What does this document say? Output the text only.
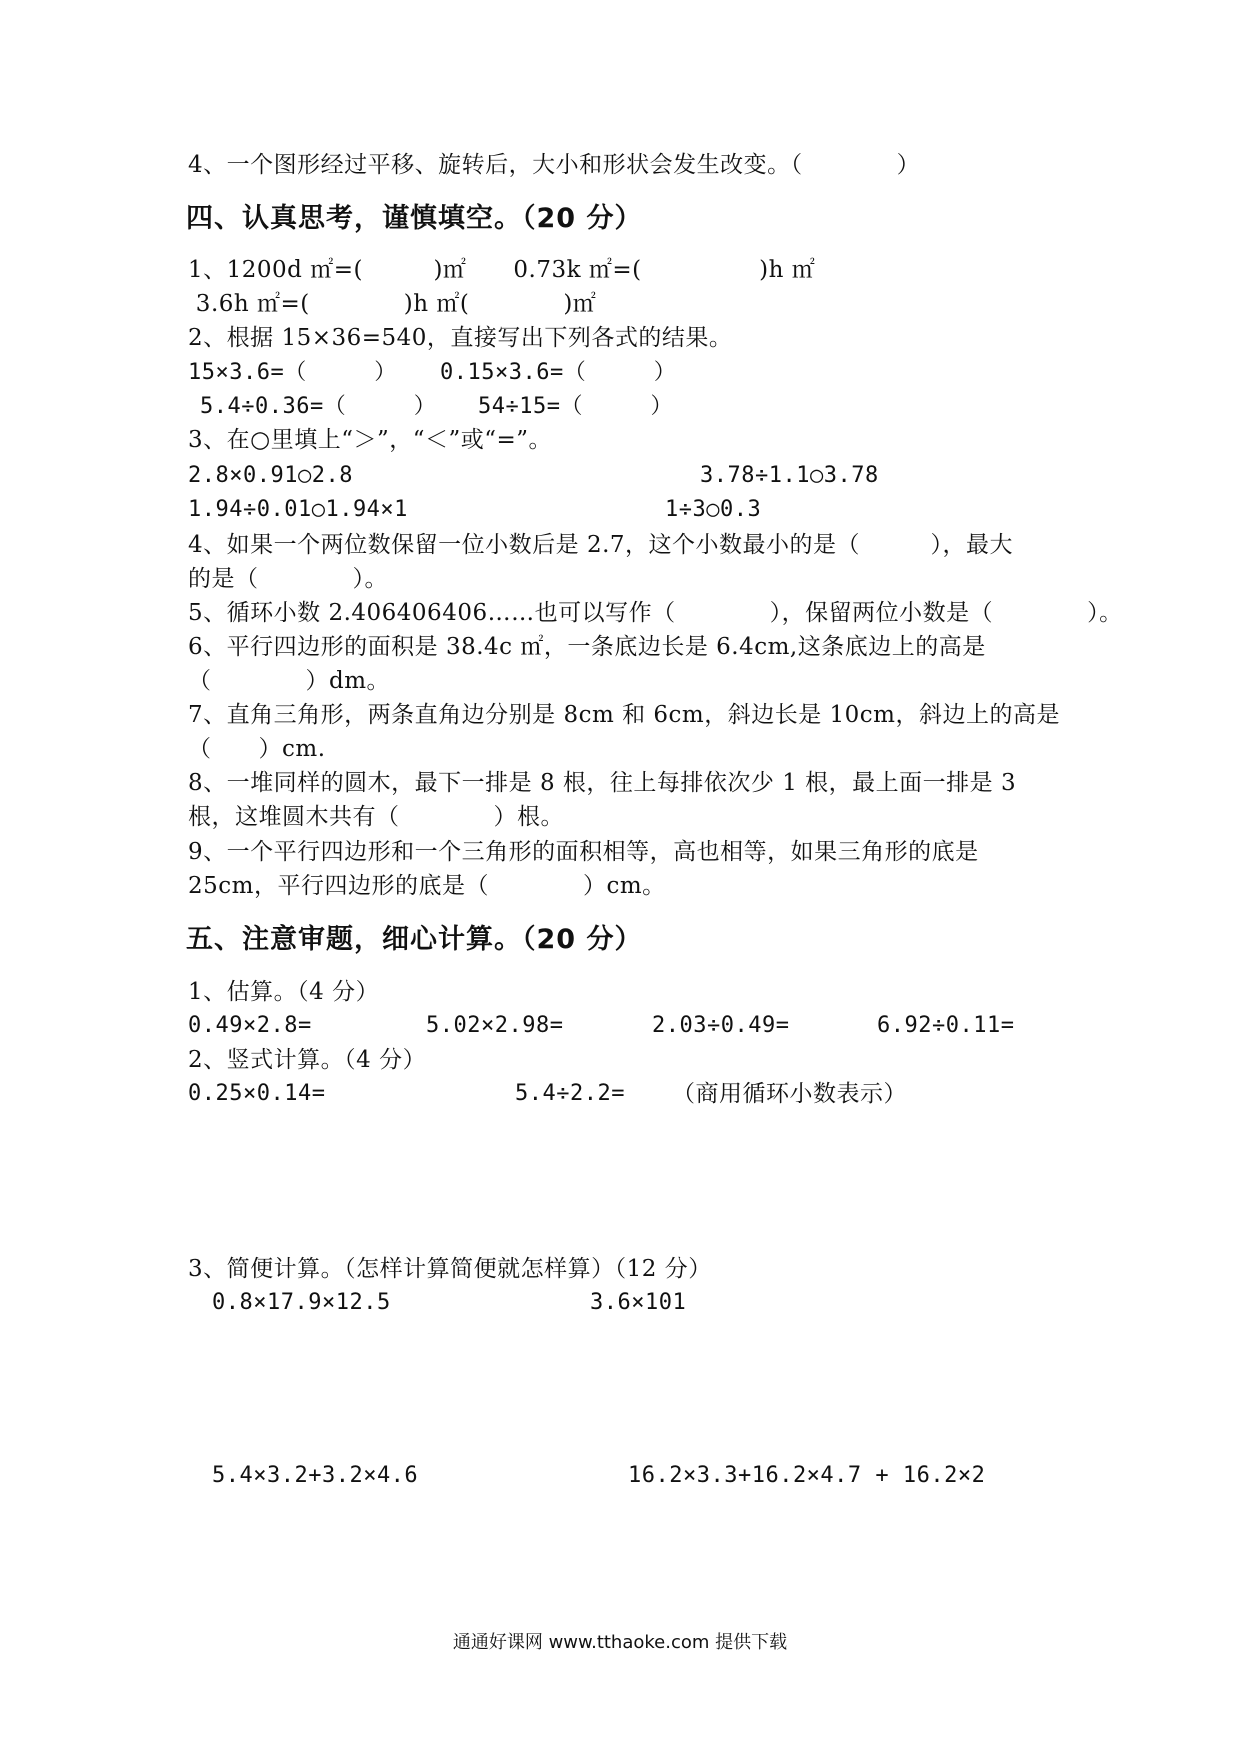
4、一个图形经过平移、旋转后，大小和形状会发生改变。（　　　　）
四、认真思考，谨慎填空。（20 分）
1、1200d ㎡=(　　　)㎡　　0.73k ㎡=(　　　　　)h ㎡
3.6h ㎡=(　　　　)h ㎡(　　　　)㎡
2、根据 15×36=540，直接写出下列各式的结果。
15×3.6=（　　　） 0.15×3.6=（　　　）
5.4÷0.36=（　　　） 54÷15=（　　　）
3、在○里填上“＞”，“＜”或“=”。
2.8×0.91○2.8	3.78÷1.1○3.78
1.94÷0.01○1.94×1	1÷3○0.3
4、如果一个两位数保留一位小数后是 2.7，这个小数最小的是（　　　），最大
的是（　　　　）。
5、循环小数 2.406406406……也可以写作（　　　　），保留两位小数是（　　　　）。
6、平行四边形的面积是 38.4c ㎡，一条底边长是 6.4cm,这条底边上的高是
（　　　　）dm。
7、直角三角形，两条直角边分别是 8cm 和 6cm，斜边长是 10cm，斜边上的高是
（　　）cm.
8、一堆同样的圆木，最下一排是 8 根，往上每排依次少 1 根，最上面一排是 3
根，这堆圆木共有（　　　　）根。
9、一个平行四边形和一个三角形的面积相等，高也相等，如果三角形的底是
25cm，平行四边形的底是（　　　　）cm。
五、注意审题，细心计算。（20 分）
1、估算。（4 分）
0.49×2.8=	5.02×2.98=	2.03÷0.49=	6.92÷0.11=
2、竖式计算。（4 分）
0.25×0.14=	5.4÷2.2= （商用循环小数表示）
3、简便计算。（怎样计算简便就怎样算）（12 分）
0.8×17.9×12.5	3.6×101
5.4×3.2+3.2×4.6	16.2×3.3+16.2×4.7 + 16.2×2
通通好课网 www.tthaoke.com 提供下载
